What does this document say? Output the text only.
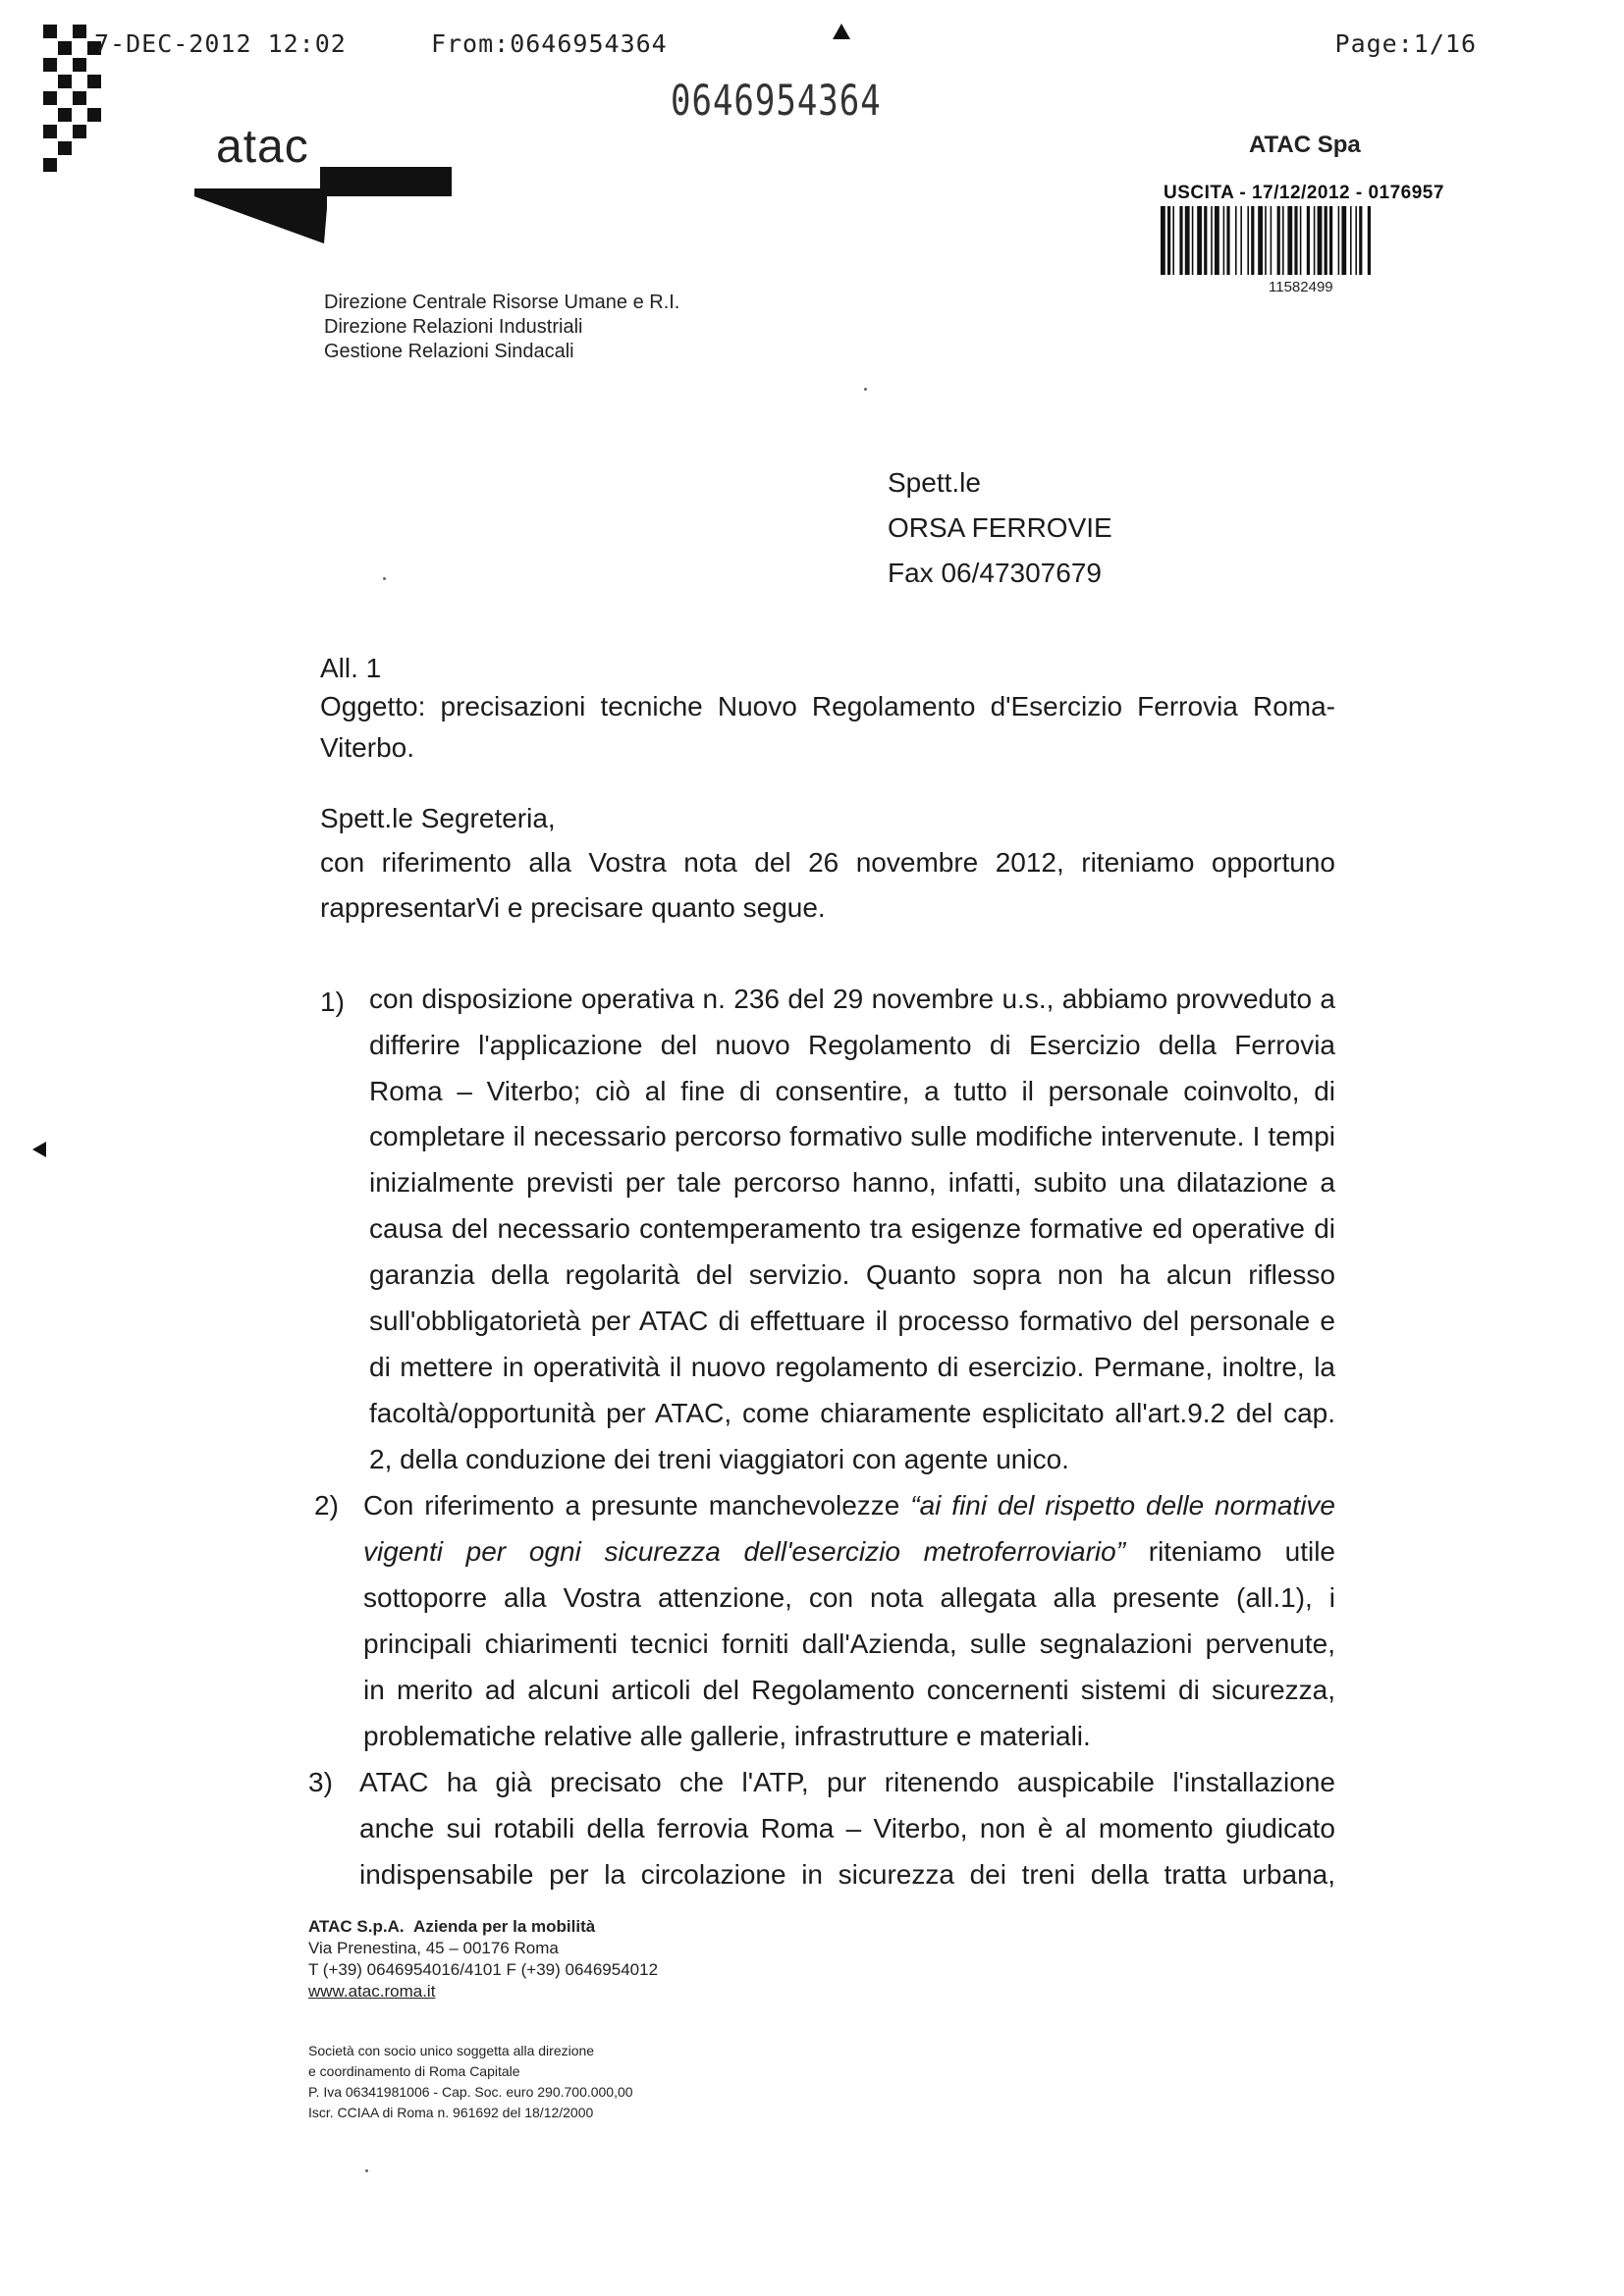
7-DEC-2012 12:02	From:0646954364	Page:1/16
0646954364
atac
Direzione Centrale Risorse Umane e R.I.
Direzione Relazioni Industriali
Gestione Relazioni Sindacali
ATAC Spa
USCITA - 17/12/2012 - 0176957
11582499
Spett.le
ORSA FERROVIE
Fax 06/47307679
All. 1
Oggetto: precisazioni tecniche Nuovo Regolamento d'Esercizio Ferrovia Roma-
Viterbo.
Spett.le Segreteria,
con riferimento alla Vostra nota del 26 novembre 2012, riteniamo opportuno
rappresentarVi e precisare quanto segue.
1) con disposizione operativa n. 236 del 29 novembre u.s., abbiamo provveduto a
differire l'applicazione del nuovo Regolamento di Esercizio della Ferrovia
Roma – Viterbo; ciò al fine di consentire, a tutto il personale coinvolto, di
completare il necessario percorso formativo sulle modifiche intervenute. I tempi
inizialmente previsti per tale percorso hanno, infatti, subito una dilatazione a
causa del necessario contemperamento tra esigenze formative ed operative di
garanzia della regolarità del servizio. Quanto sopra non ha alcun riflesso
sull'obbligatorietà per ATAC di effettuare il processo formativo del personale e
di mettere in operatività il nuovo regolamento di esercizio. Permane, inoltre, la
facoltà/opportunità per ATAC, come chiaramente esplicitato all'art.9.2 del cap.
2, della conduzione dei treni viaggiatori con agente unico.
2) Con riferimento a presunte manchevolezze “ai fini del rispetto delle normative
vigenti per ogni sicurezza dell'esercizio metroferroviario” riteniamo utile
sottoporre alla Vostra attenzione, con nota allegata alla presente (all.1), i
principali chiarimenti tecnici forniti dall'Azienda, sulle segnalazioni pervenute,
in merito ad alcuni articoli del Regolamento concernenti sistemi di sicurezza,
problematiche relative alle gallerie, infrastrutture e materiali.
3) ATAC ha già precisato che l'ATP, pur ritenendo auspicabile l'installazione
anche sui rotabili della ferrovia Roma – Viterbo, non è al momento giudicato
indispensabile per la circolazione in sicurezza dei treni della tratta urbana,
ATAC S.p.A. Azienda per la mobilità
Via Prenestina, 45 – 00176 Roma
T (+39) 0646954016/4101 F (+39) 0646954012
www.atac.roma.it
Società con socio unico soggetta alla direzione
e coordinamento di Roma Capitale
P. Iva 06341981006 - Cap. Soc. euro 290.700.000,00
Iscr. CCIAA di Roma n. 961692 del 18/12/2000
